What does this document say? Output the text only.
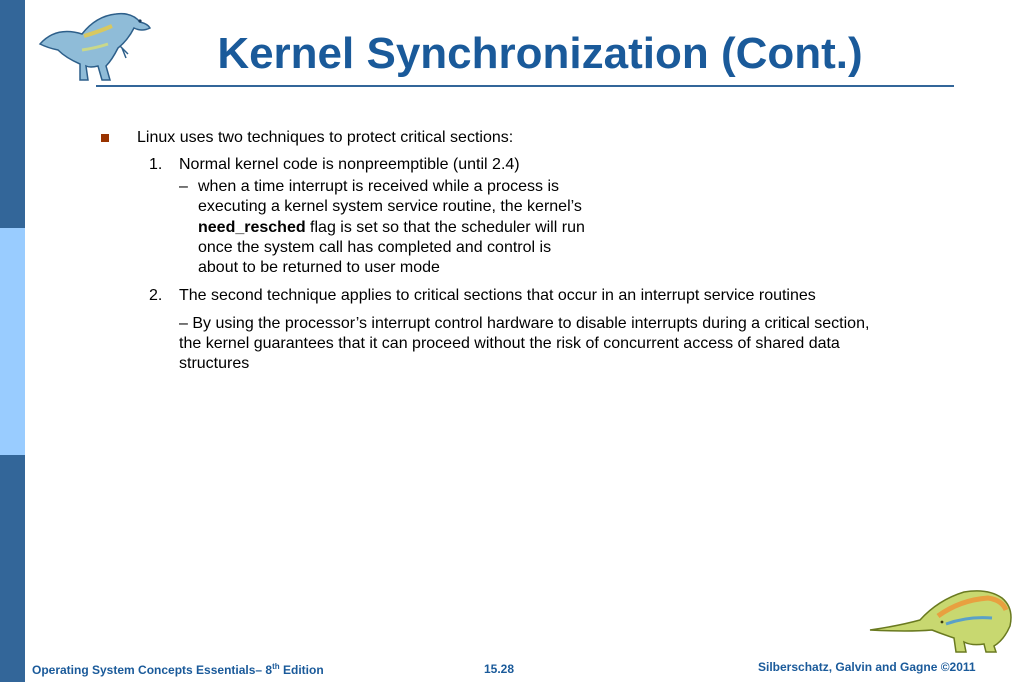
Kernel Synchronization (Cont.)
Linux uses two techniques to protect critical sections:
1. Normal kernel code is nonpreemptible (until 2.4)
– when a time interrupt is received while a process is
executing a kernel system service routine, the kernel’s
need_resched flag is set so that the scheduler will run
once the system call has completed and control is
about to be returned to user mode
2. The second technique applies to critical sections that occur in an interrupt service routines
– By using the processor’s interrupt control hardware to disable interrupts during a critical section,
the kernel guarantees that it can proceed without the risk of concurrent access of shared data
structures
Operating System Concepts Essentials– 8th Edition	15.28	Silberschatz, Galvin and Gagne ©2011
